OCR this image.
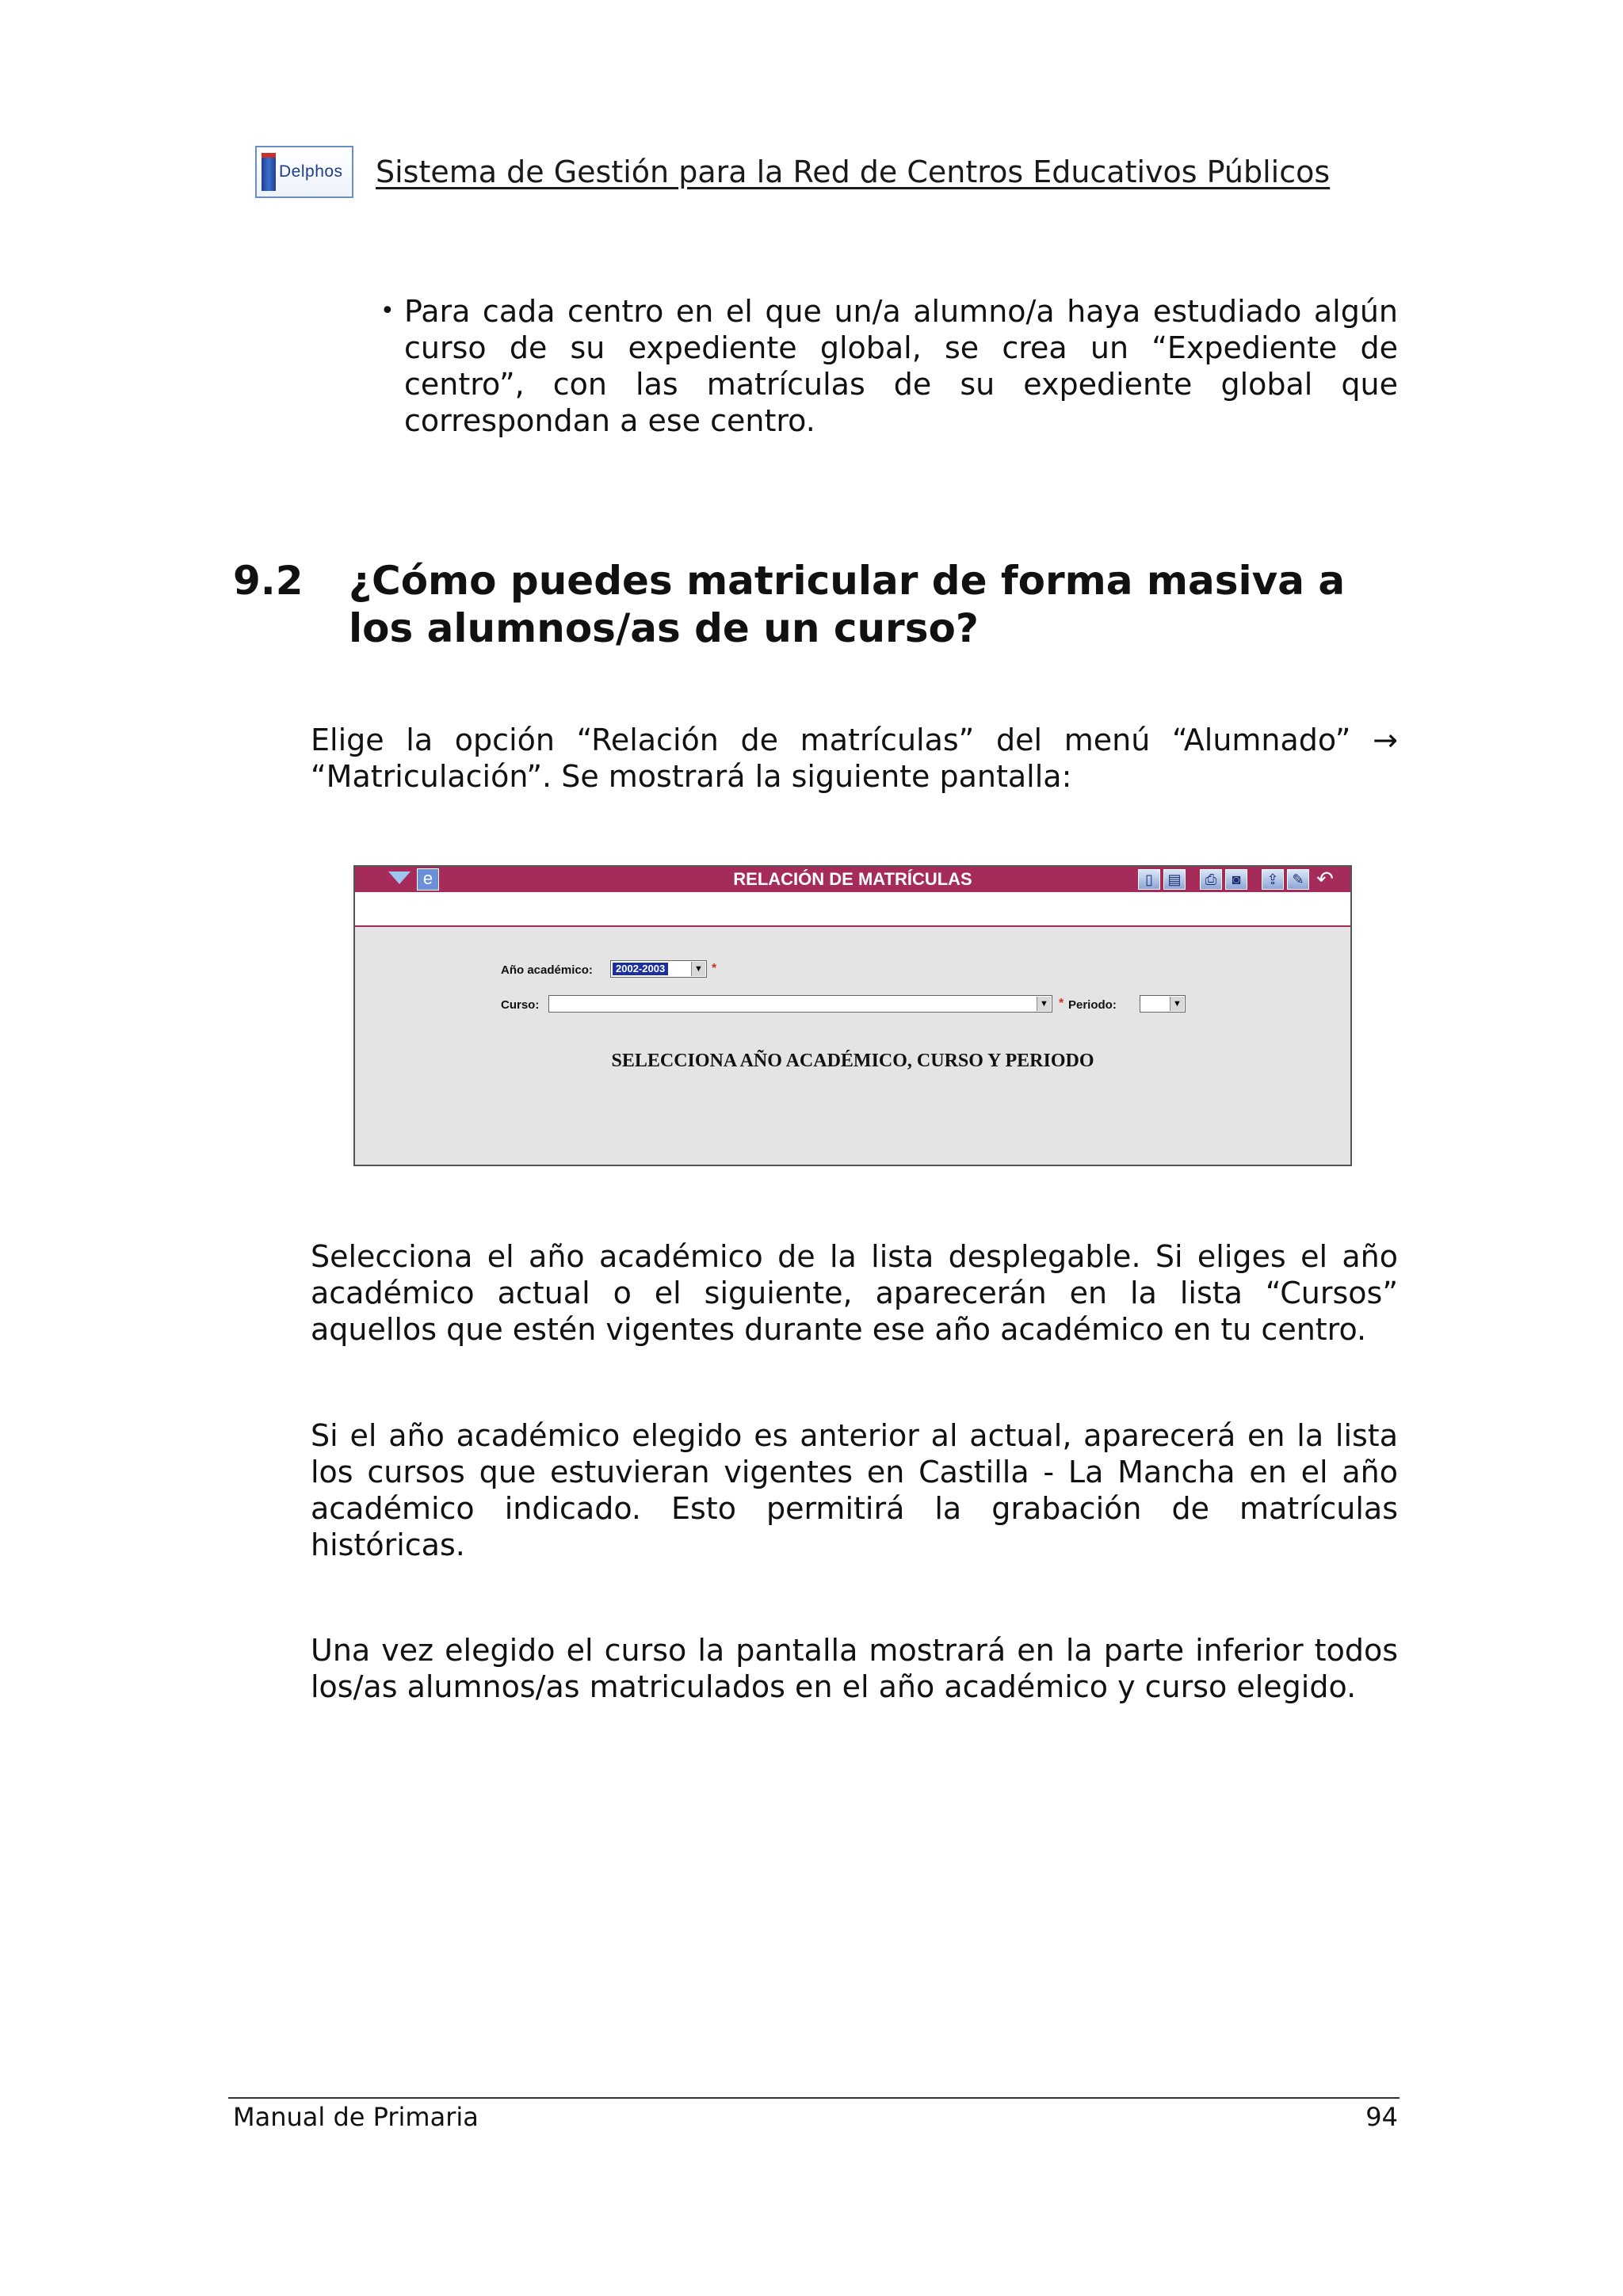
Delphos Sistema de Gestión para la Red de Centros Educativos Públicos
• Para cada centro en el que un/a alumno/a haya estudiado algún curso de su expediente global, se crea un “Expediente de centro”, con las matrículas de su expediente global que correspondan a ese centro.
9.2 ¿Cómo puedes matricular de forma masiva a los alumnos/as de un curso?
Elige la opción “Relación de matrículas” del menú “Alumnado” → “Matriculación”. Se mostrará la siguiente pantalla:
e	RELACIÓN DE MATRÍCULAS	▯	▤	⎙	◙	⇪ ✎ ↶
Año académico:	2002-2003	▼ *
Curso:	▼ * Periodo:	▼
SELECCIONA AÑO ACADÉMICO, CURSO Y PERIODO
Selecciona el año académico de la lista desplegable. Si eliges el año académico actual o el siguiente, aparecerán en la lista “Cursos” aquellos que estén vigentes durante ese año académico en tu centro.
Si el año académico elegido es anterior al actual, aparecerá en la lista los cursos que estuvieran vigentes en Castilla - La Mancha en el año académico indicado. Esto permitirá la grabación de matrículas históricas.
Una vez elegido el curso la pantalla mostrará en la parte inferior todos los/as alumnos/as matriculados en el año académico y curso elegido.
Manual de Primaria	94
